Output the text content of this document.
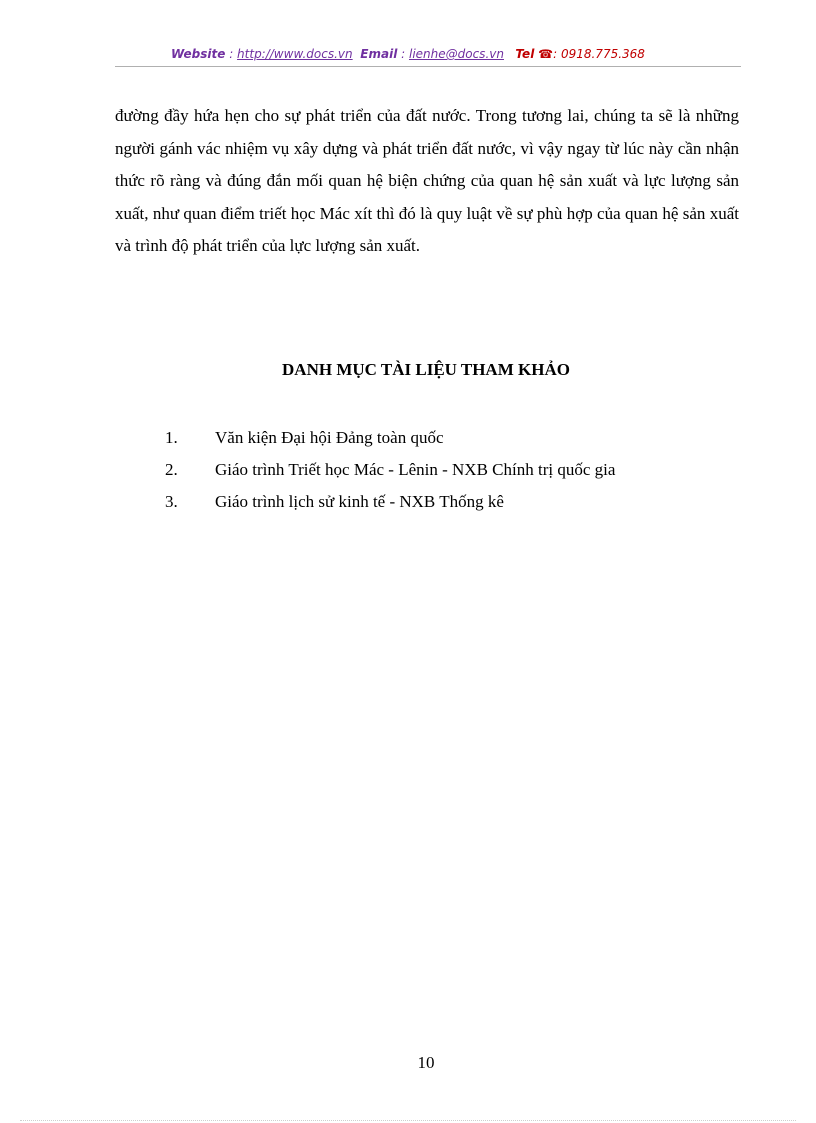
Website : http://www.docs.vn Email : lienhe@docs.vn Tel ☎: 0918.775.368

đường đầy hứa hẹn cho sự phát triển của đất nước. Trong tương lai, chúng ta sẽ là những người gánh vác nhiệm vụ xây dựng và phát triển đất nước, vì vậy ngay từ lúc này cần nhận thức rõ ràng và đúng đắn mối quan hệ biện chứng của quan hệ sản xuất và lực lượng sản xuất, như quan điểm triết học Mác xít thì đó là quy luật về sự phù hợp của quan hệ sản xuất và trình độ phát triển của lực lượng sản xuất.

DANH MỤC TÀI LIỆU THAM KHẢO
1. Văn kiện Đại hội Đảng toàn quốc
2. Giáo trình Triết học Mác - Lênin - NXB Chính trị quốc gia
3. Giáo trình lịch sử kinh tế - NXB Thống kê
10
